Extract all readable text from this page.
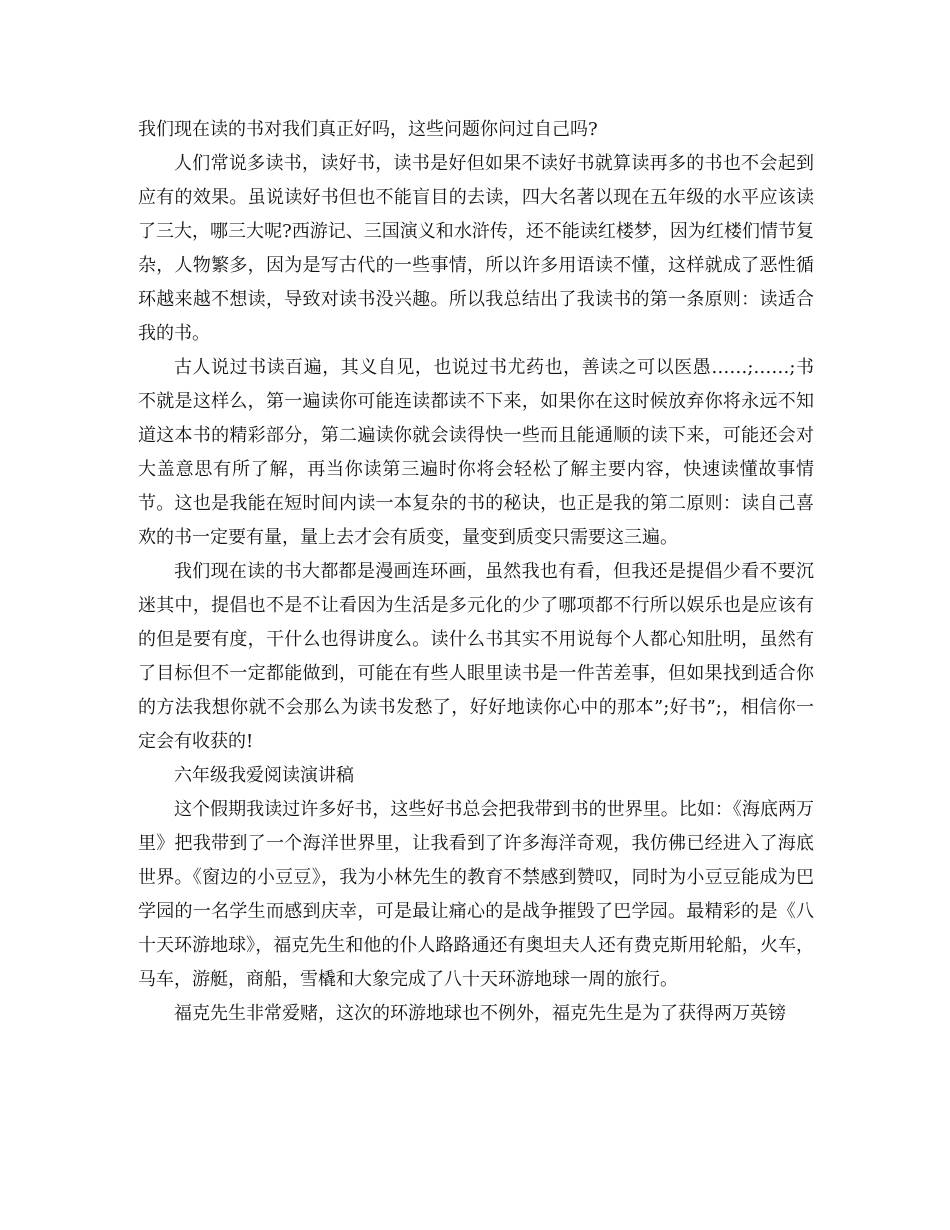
我们现在读的书对我们真正好吗，这些问题你问过自己吗?

人们常说多读书，读好书，读书是好但如果不读好书就算读再多的书也不会起到应有的效果。虽说读好书但也不能盲目的去读，四大名著以现在五年级的水平应该读了三大，哪三大呢?西游记、三国演义和水浒传，还不能读红楼梦，因为红楼们情节复杂，人物繁多，因为是写古代的一些事情，所以许多用语读不懂，这样就成了恶性循环越来越不想读，导致对读书没兴趣。所以我总结出了我读书的第一条原则：读适合我的书。

古人说过书读百遍，其义自见，也说过书尤药也，善读之可以医愚……;……;书不就是这样么，第一遍读你可能连读都读不下来，如果你在这时候放弃你将永远不知道这本书的精彩部分，第二遍读你就会读得快一些而且能通顺的读下来，可能还会对大盖意思有所了解，再当你读第三遍时你将会轻松了解主要内容，快速读懂故事情节。这也是我能在短时间内读一本复杂的书的秘诀，也正是我的第二原则：读自己喜欢的书一定要有量，量上去才会有质变，量变到质变只需要这三遍。

我们现在读的书大都都是漫画连环画，虽然我也有看，但我还是提倡少看不要沉迷其中，提倡也不是不让看因为生活是多元化的少了哪项都不行所以娱乐也是应该有的但是要有度，干什么也得讲度么。读什么书其实不用说每个人都心知肚明，虽然有了目标但不一定都能做到，可能在有些人眼里读书是一件苦差事，但如果找到适合你的方法我想你就不会那么为读书发愁了，好好地读你心中的那本”;好书”;，相信你一定会有收获的!

六年级我爱阅读演讲稿

这个假期我读过许多好书，这些好书总会把我带到书的世界里。比如：《海底两万里》把我带到了一个海洋世界里，让我看到了许多海洋奇观，我仿佛已经进入了海底世界。《窗边的小豆豆》，我为小林先生的教育不禁感到赞叹，同时为小豆豆能成为巴学园的一名学生而感到庆幸，可是最让痛心的是战争摧毁了巴学园。最精彩的是《八十天环游地球》，福克先生和他的仆人路路通还有奥坦夫人还有费克斯用轮船，火车，马车，游艇，商船，雪橇和大象完成了八十天环游地球一周的旅行。

福克先生非常爱赌，这次的环游地球也不例外，福克先生是为了获得两万英镑
